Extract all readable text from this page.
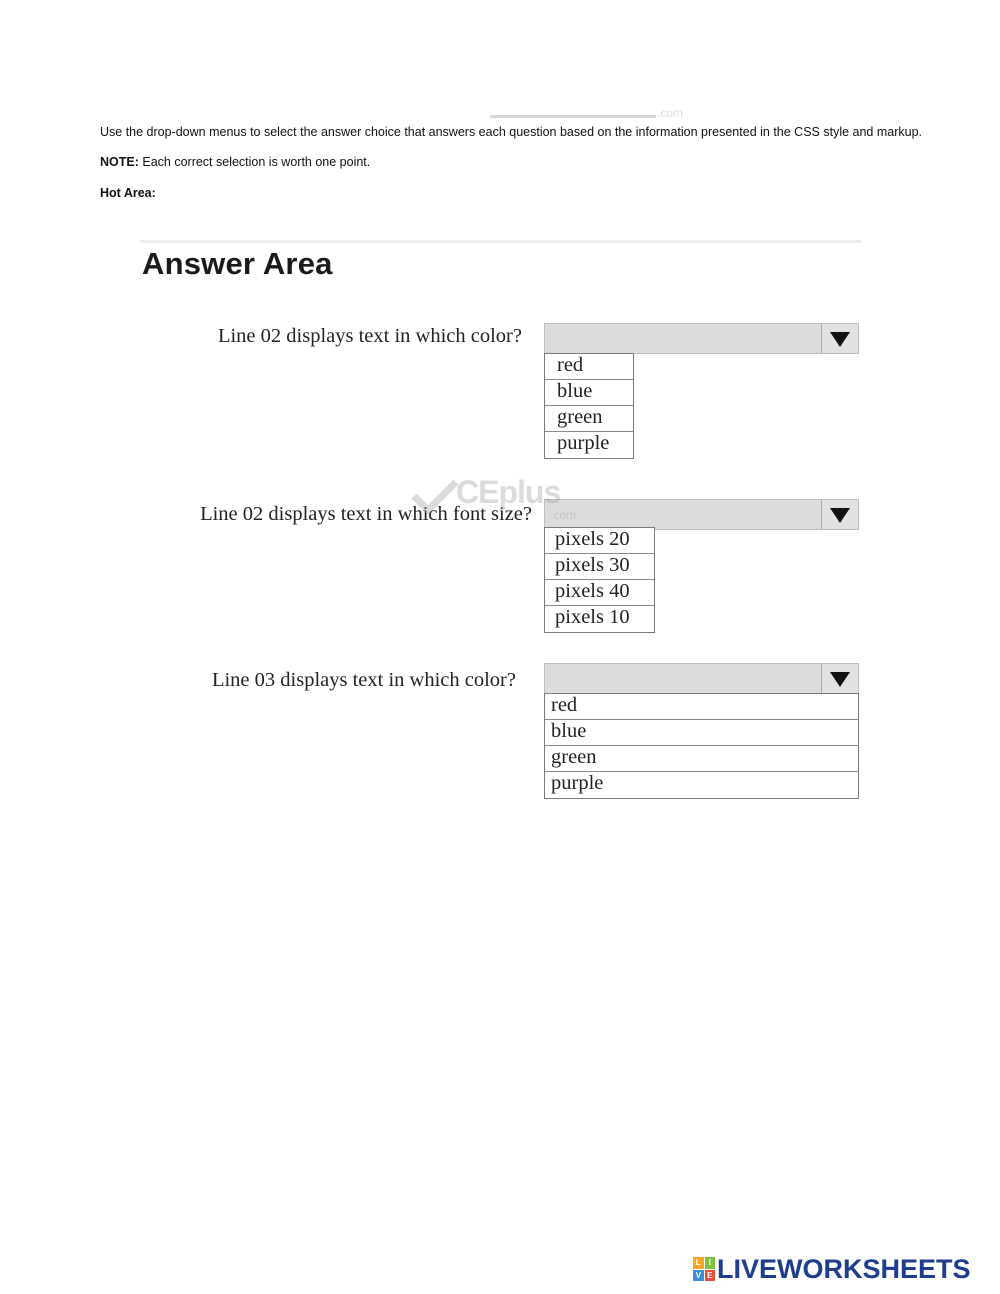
.com
Use the drop-down menus to select the answer choice that answers each question based on the information presented in the CSS style and markup.
NOTE: Each correct selection is worth one point.
Hot Area:
Answer Area
Line 02 displays text in which color?
red
blue
green
purple
Line 02 displays text in which font size?
pixels 20
pixels 30
pixels 40
pixels 10
CEplus
.com
Line 03 displays text in which color?
red
blue
green
purple
L I
V E LIVEWORKSHEETS
